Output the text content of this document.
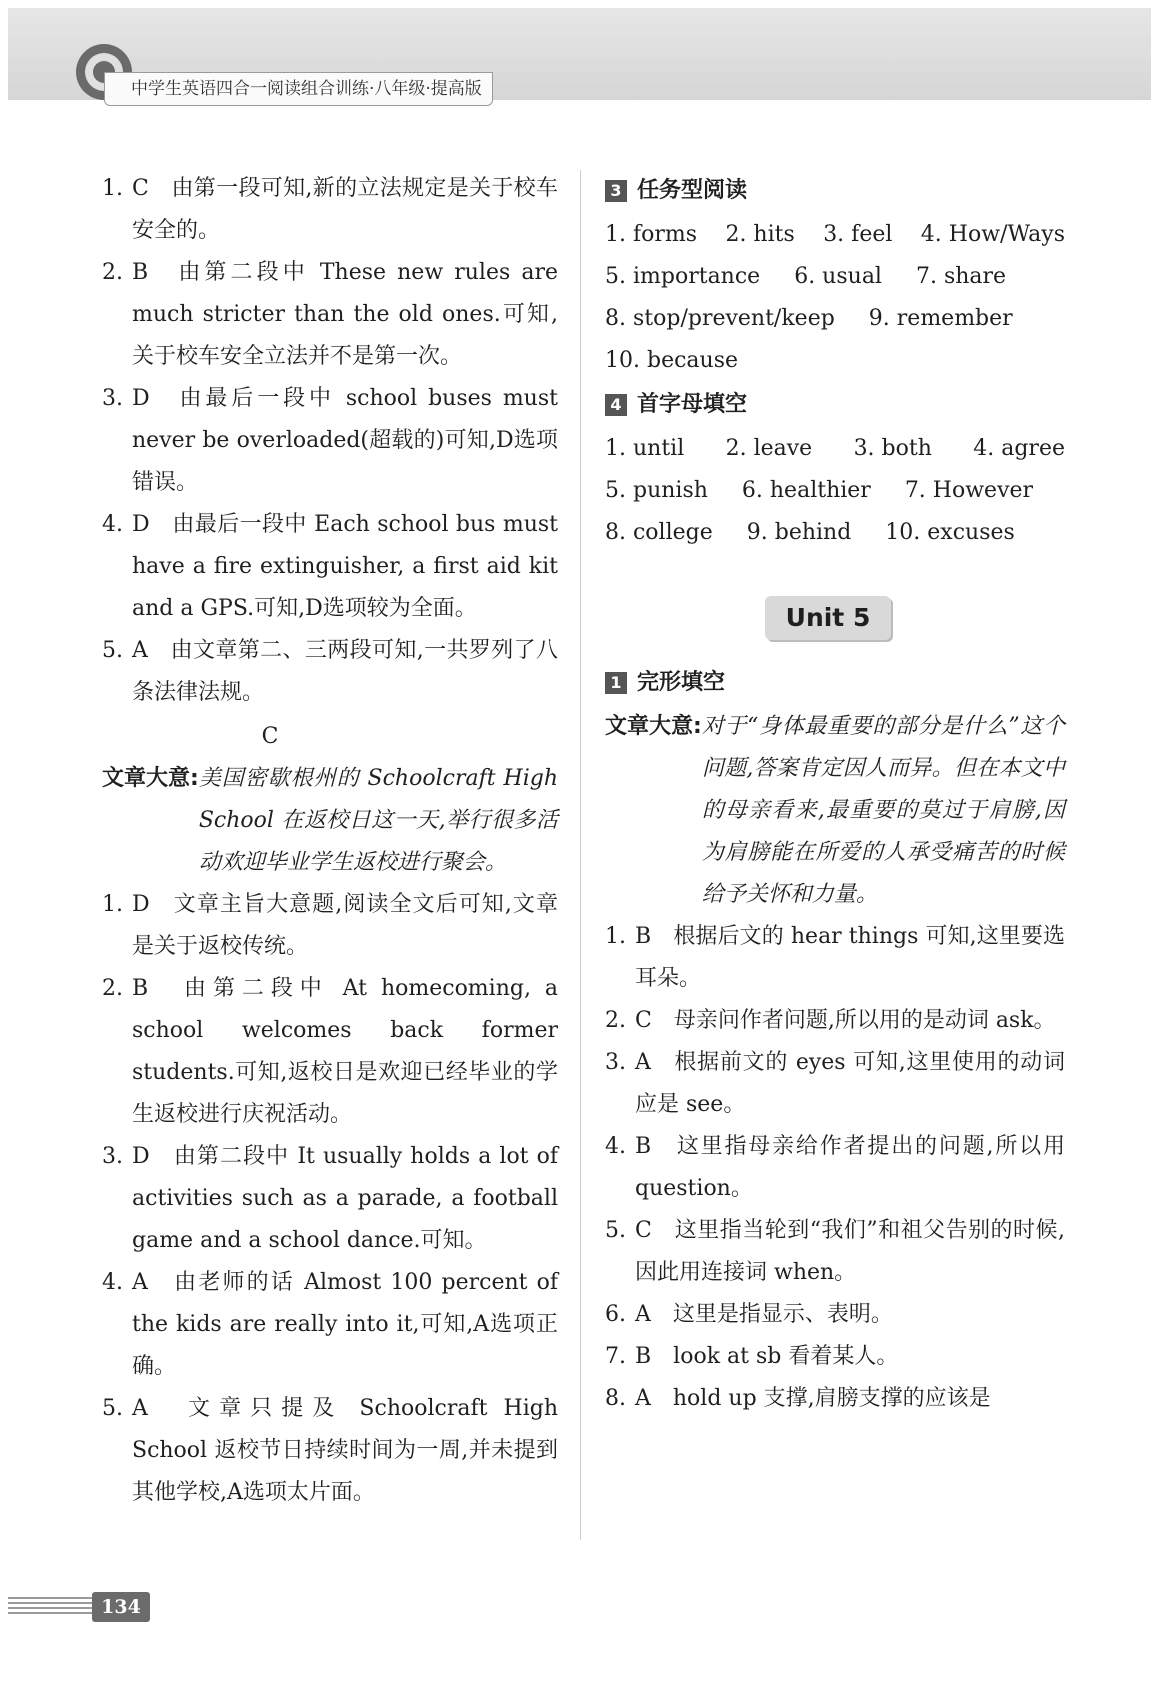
中学生英语四合一阅读组合训练·八年级·提高版
1. C　由第一段可知,新的立法规定是关于校车安全的。
2. B　由第二段中 These new rules are much stricter than the old ones.可知,关于校车安全立法并不是第一次。
3. D　由最后一段中 school buses must never be overloaded(超载的)可知,D选项错误。
4. D　由最后一段中 Each school bus must have a fire extinguisher, a first aid kit and a GPS.可知,D选项较为全面。
5. A　由文章第二、三两段可知,一共罗列了八条法律法规。
C
文章大意: 美国密歇根州的 Schoolcraft High School 在返校日这一天,举行很多活动欢迎毕业学生返校进行聚会。
1. D　文章主旨大意题,阅读全文后可知,文章是关于返校传统。
2. B　由第二段中 At homecoming, a school welcomes back former students.可知,返校日是欢迎已经毕业的学生返校进行庆祝活动。
3. D　由第二段中 It usually holds a lot of activities such as a parade, a football game and a school dance.可知。
4. A　由老师的话 Almost 100 percent of the kids are really into it,可知,A选项正确。
5. A　文章只提及 Schoolcraft High School 返校节日持续时间为一周,并未提到其他学校,A选项太片面。
3 任务型阅读
1. forms 2. hits 3. feel 4. How/Ways
5. importance 6. usual 7. share
8. stop/prevent/keep 9. remember
10. because
4 首字母填空
1. until 2. leave 3. both 4. agree
5. punish 6. healthier 7. However
8. college 9. behind 10. excuses
Unit 5
1 完形填空
文章大意: 对于“身体最重要的部分是什么”这个问题,答案肯定因人而异。但在本文中的母亲看来,最重要的莫过于肩膀,因为肩膀能在所爱的人承受痛苦的时候给予关怀和力量。
1. B　根据后文的 hear things 可知,这里要选耳朵。
2. C　母亲问作者问题,所以用的是动词 ask。
3. A　根据前文的 eyes 可知,这里使用的动词应是 see。
4. B　这里指母亲给作者提出的问题,所以用 question。
5. C　这里指当轮到“我们”和祖父告别的时候,因此用连接词 when。
6. A　这里是指显示、表明。
7. B　look at sb 看着某人。
8. A　hold up 支撑,肩膀支撑的应该是
134
